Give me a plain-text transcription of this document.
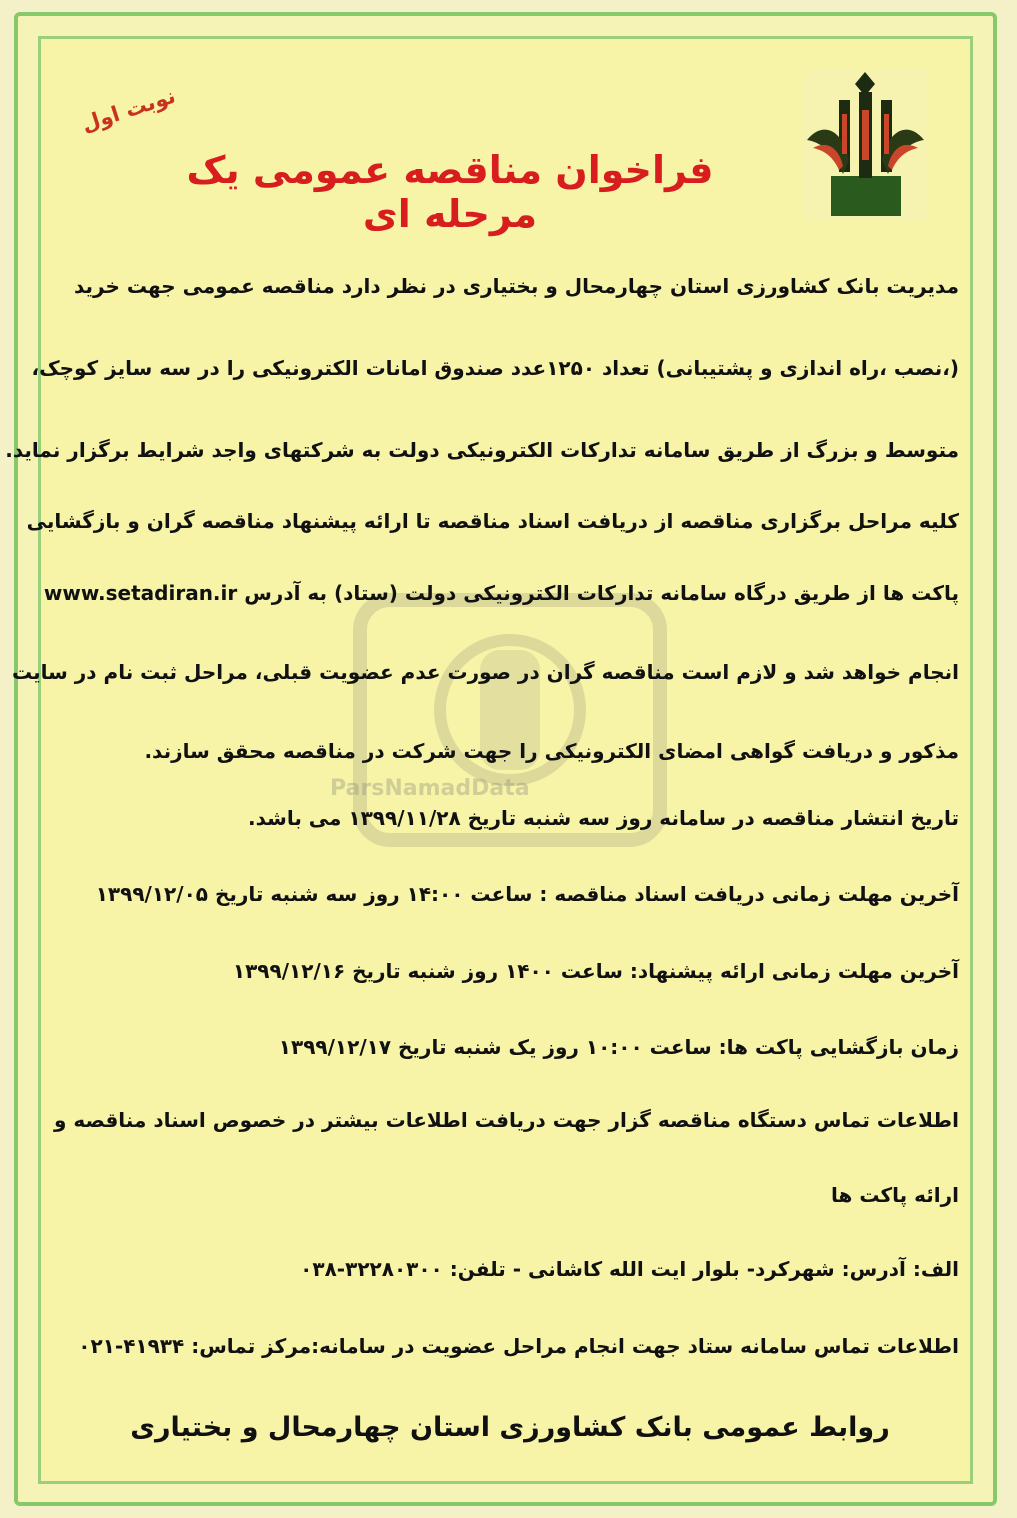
ParsNamadData
نوبت اول
فراخوان مناقصه عمومی یک مرحله ای
مدیریت بانک کشاورزی استان چهارمحال و بختیاری در نظر دارد مناقصه عمومی جهت خرید
(،نصب ،راه اندازی و پشتیبانی) تعداد ۱۲۵۰عدد صندوق امانات الکترونیکی را در سه سایز کوچک،
متوسط و بزرگ از طریق سامانه تدارکات الکترونیکی دولت به شرکتهای واجد شرایط برگزار نماید.
کلیه مراحل برگزاری مناقصه از دریافت اسناد مناقصه تا ارائه پیشنهاد مناقصه گران و بازگشایی
پاکت ها از طریق درگاه سامانه تدارکات الکترونیکی دولت (ستاد) به آدرس www.setadiran.ir
انجام خواهد شد و لازم است مناقصه گران در صورت عدم عضویت قبلی، مراحل ثبت نام در سایت
مذکور و دریافت گواهی امضای الکترونیکی را جهت شرکت در مناقصه محقق سازند.
تاریخ انتشار مناقصه در سامانه روز سه شنبه تاریخ ۱۳۹۹/۱۱/۲۸ می باشد.
آخرین مهلت زمانی دریافت اسناد مناقصه : ساعت ۱۴:۰۰ روز سه شنبه تاریخ ۱۳۹۹/۱۲/۰۵
آخرین مهلت زمانی ارائه پیشنهاد: ساعت ۱۴۰۰ روز شنبه تاریخ ۱۳۹۹/۱۲/۱۶
زمان بازگشایی پاکت ها: ساعت ۱۰:۰۰ روز یک شنبه تاریخ ۱۳۹۹/۱۲/۱۷
اطلاعات تماس دستگاه مناقصه گزار جهت دریافت اطلاعات بیشتر در خصوص اسناد مناقصه و
ارائه پاکت ها
الف: آدرس: شهرکرد- بلوار ایت الله کاشانی - تلفن: ۳۲۲۸۰۳۰۰-۰۳۸
اطلاعات تماس سامانه ستاد جهت انجام مراحل عضویت در سامانه:مرکز تماس: ۴۱۹۳۴-۰۲۱
روابط عمومی بانک کشاورزی استان چهارمحال و بختیاری
